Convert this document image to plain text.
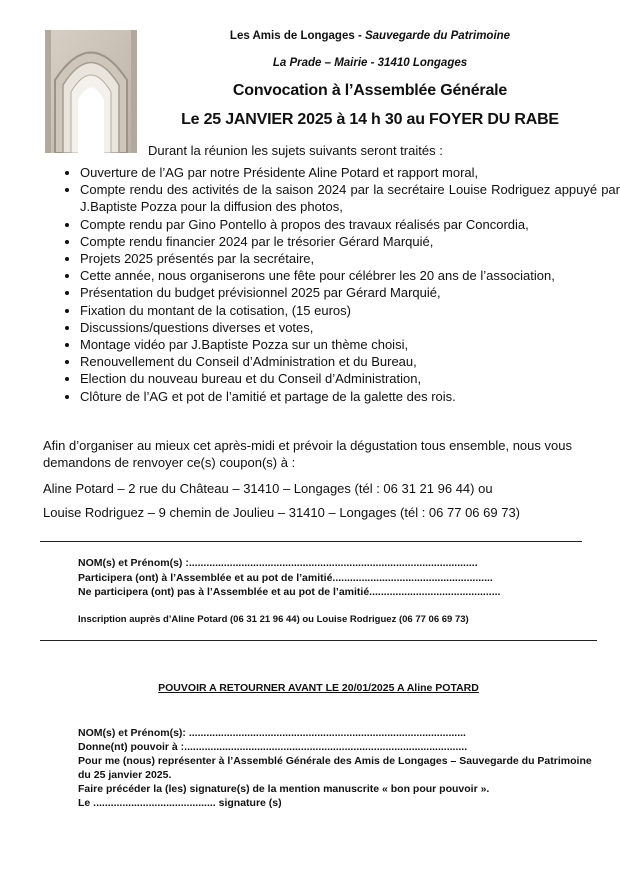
Les Amis de Longages - Sauvegarde du Patrimoine
La Prade – Mairie - 31410 Longages
Convocation à l’Assemblée Générale
Le 25 JANVIER 2025 à 14 h 30 au FOYER DU RABE
Durant la réunion les sujets suivants seront traités :
• Ouverture de l’AG par notre Présidente Aline Potard et rapport moral,
• Compte rendu des activités de la saison 2024 par la secrétaire Louise Rodriguez appuyé par J.Baptiste Pozza pour la diffusion des photos,
• Compte rendu par Gino Pontello à propos des travaux réalisés par Concordia,
• Compte rendu financier 2024 par le trésorier Gérard Marquié,
• Projets 2025 présentés par la secrétaire,
• Cette année, nous organiserons une fête pour célébrer les 20 ans de l’association,
• Présentation du budget prévisionnel 2025 par Gérard Marquié,
• Fixation du montant de la cotisation, (15 euros)
• Discussions/questions diverses et votes,
• Montage vidéo par J.Baptiste Pozza sur un thème choisi,
• Renouvellement du Conseil d’Administration et du Bureau,
• Election du nouveau bureau et du Conseil d’Administration,
• Clôture de l’AG et pot de l’amitié et partage de la galette des rois.
Afin d’organiser au mieux cet après-midi et prévoir la dégustation tous ensemble, nous vous demandons de renvoyer ce(s) coupon(s) à :
Aline Potard – 2 rue du Château – 31410 – Longages (tél : 06 31 21 96 44) ou
Louise Rodriguez – 9 chemin de Joulieu – 31410 – Longages (tél : 06 77 06 69 73)
NOM(s) et Prénom(s) :...................................................................................................
Participera (ont) à l’Assemblée et au pot de l’amitié.......................................................
Ne participera (ont) pas à l’Assemblée et au pot de l’amitié.............................................
Inscription auprès d’Aline Potard (06 31 21 96 44) ou Louise Rodriguez (06 77 06 69 73)
POUVOIR A RETOURNER AVANT LE 20/01/2025 A Aline POTARD
NOM(s) et Prénom(s): ...............................................................................................
Donne(nt) pouvoir à :.................................................................................................
Pour me (nous) représenter à l’Assemblé Générale des Amis de Longages – Sauvegarde du Patrimoine du 25 janvier 2025.
Faire précéder la (les) signature(s) de la mention manuscrite « bon pour pouvoir ».
Le .......................................... signature (s)
